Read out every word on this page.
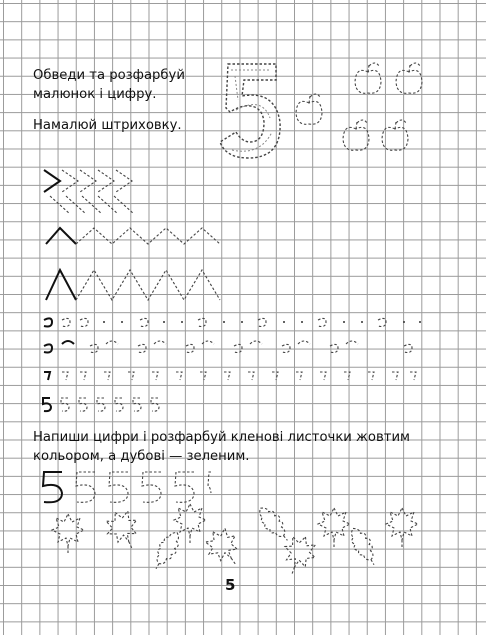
Обведи та розфарбуй
малюнок і цифру.
Намалюй штриховку.
Напиши цифри і розфарбуй кленові листочки жовтим
кольором, а дубові — зеленим.
5
